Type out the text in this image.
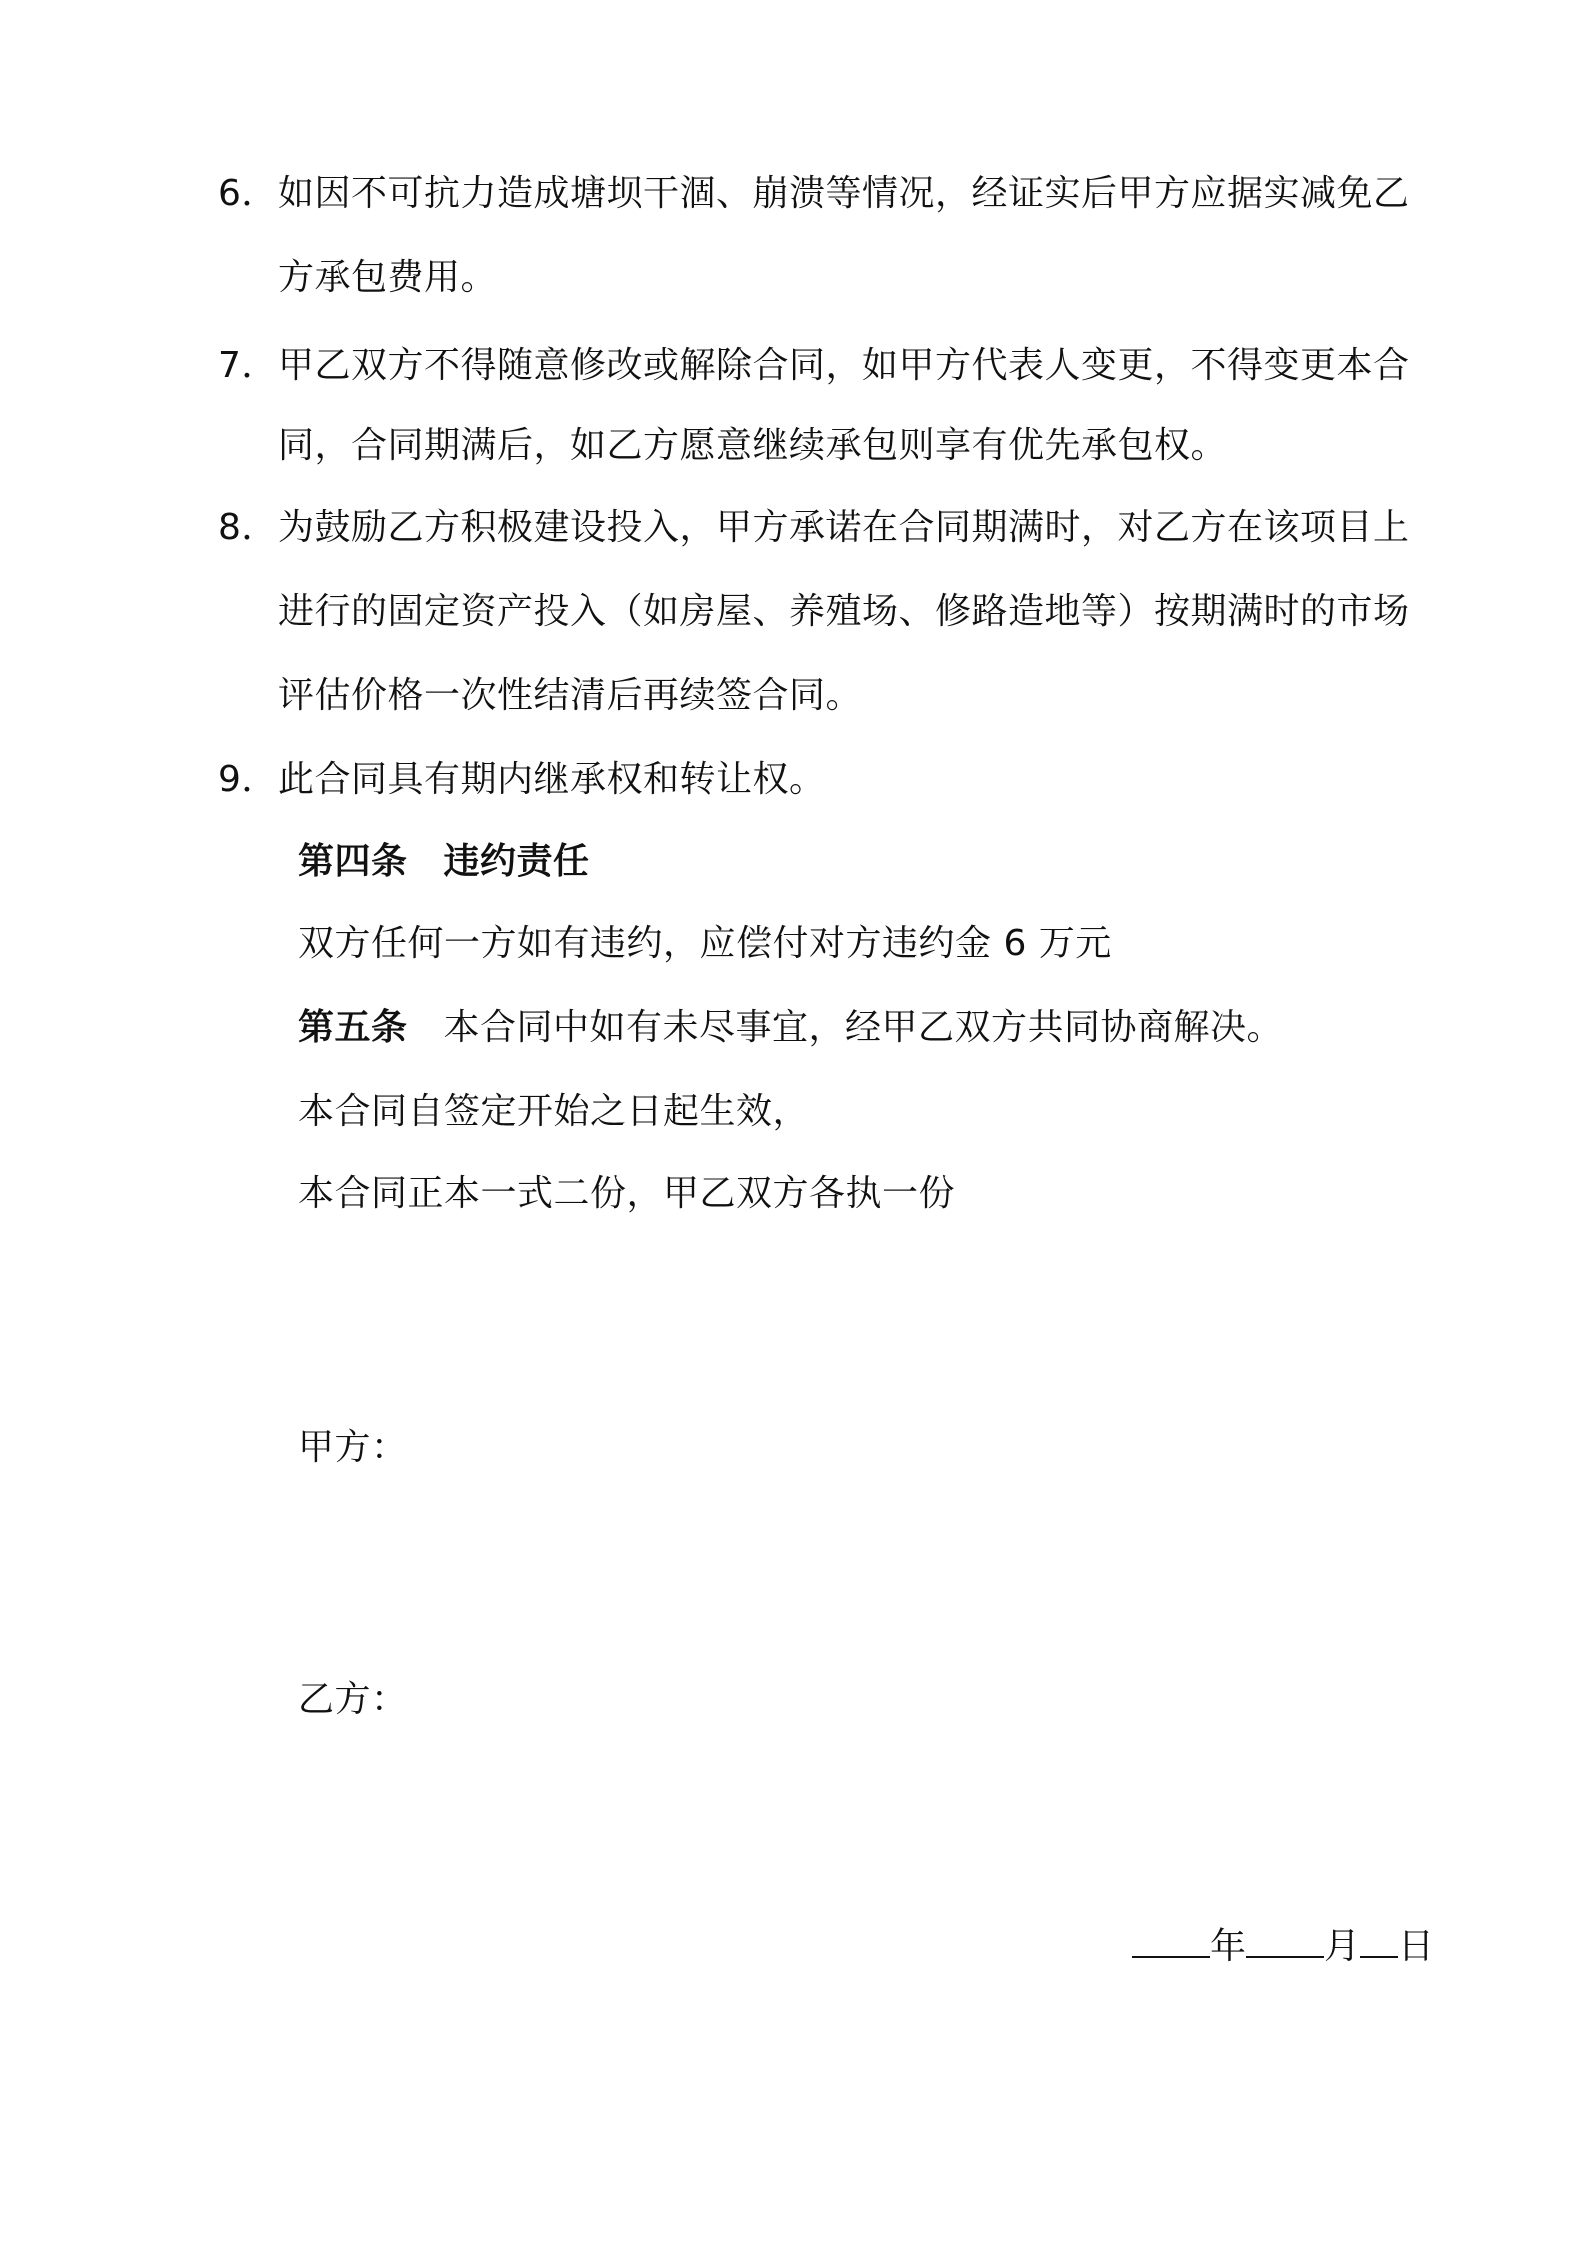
6． 如因不可抗力造成塘坝干涸、崩溃等情况，经证实后甲方应据实减免乙
方承包费用。
7． 甲乙双方不得随意修改或解除合同，如甲方代表人变更，不得变更本合
同，合同期满后，如乙方愿意继续承包则享有优先承包权。
8． 为鼓励乙方积极建设投入，甲方承诺在合同期满时，对乙方在该项目上
进行的固定资产投入（如房屋、养殖场、修路造地等）按期满时的市场
评估价格一次性结清后再续签合同。
9． 此合同具有期内继承权和转让权。
第四条 违约责任
双方任何一方如有违约，应偿付对方违约金 6 万元
第五条 本合同中如有未尽事宜，经甲乙双方共同协商解决。
本合同自签定开始之日起生效，
本合同正本一式二份，甲乙双方各执一份
甲方：
乙方：
年 月 日
